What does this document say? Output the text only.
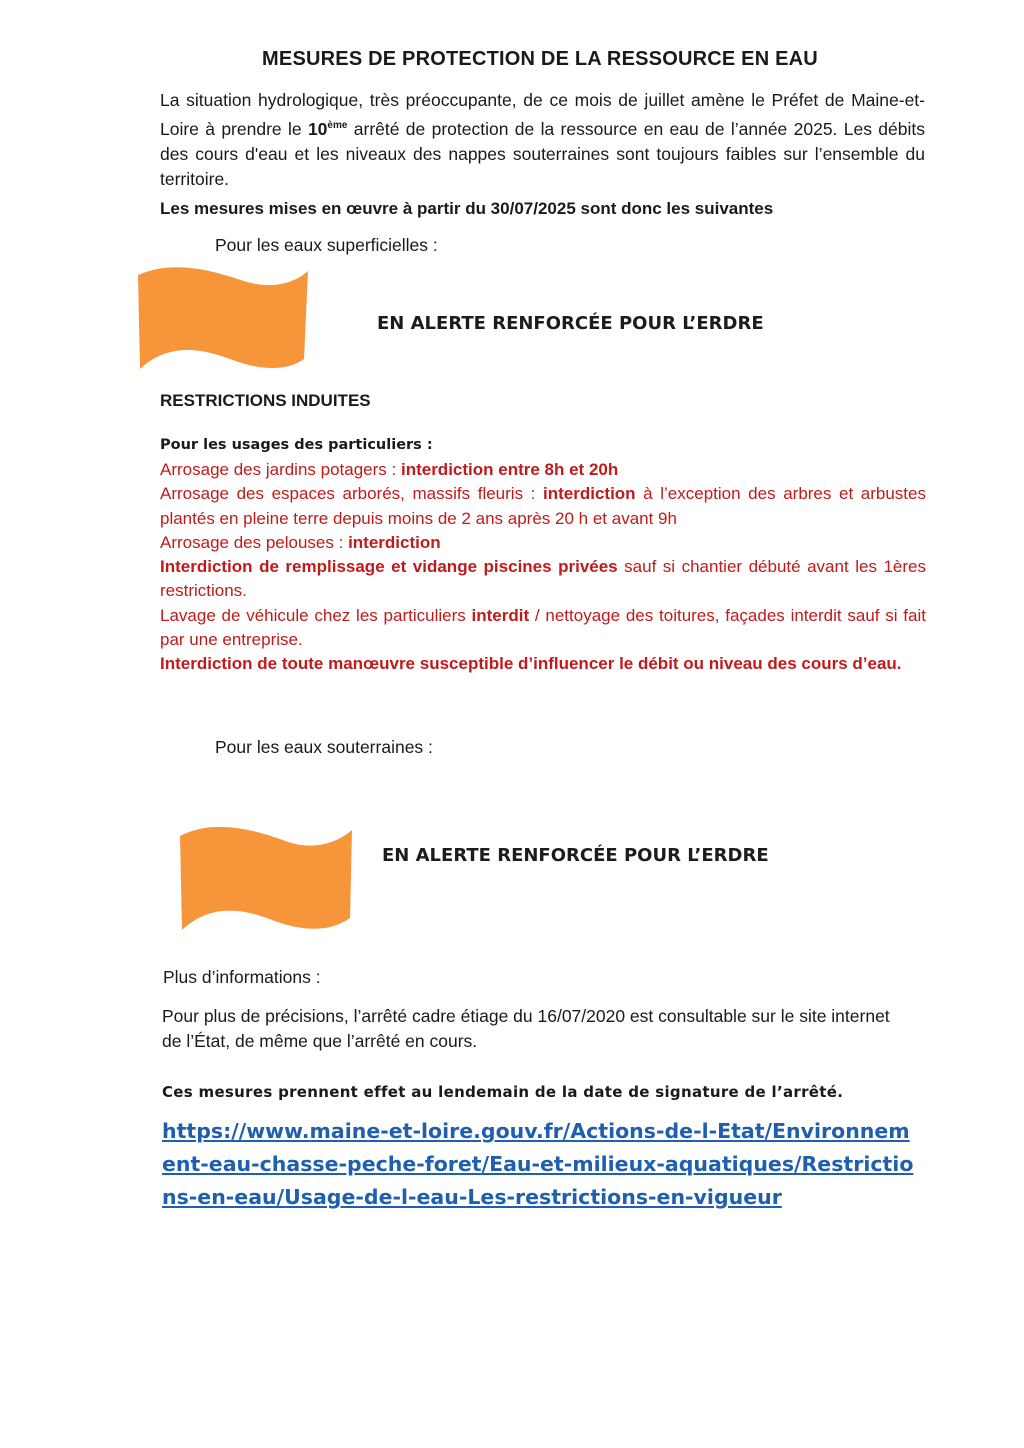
MESURES DE PROTECTION DE LA RESSOURCE EN EAU
La situation hydrologique, très préoccupante, de ce mois de juillet amène le Préfet de Maine-et-Loire à prendre le 10ème arrêté de protection de la ressource en eau de l’année 2025. Les débits des cours d'eau et les niveaux des nappes souterraines sont toujours faibles sur l’ensemble du territoire.
Les mesures mises en œuvre à partir du 30/07/2025 sont donc les suivantes
Pour les eaux superficielles :
EN ALERTE RENFORCÉE POUR L’ERDRE
RESTRICTIONS INDUITES
Pour les usages des particuliers :

Arrosage des jardins potagers : interdiction entre 8h et 20h

Arrosage des espaces arborés, massifs fleuris : interdiction à l’exception des arbres et arbustes plantés en pleine terre depuis moins de 2 ans après 20 h et avant 9h

Arrosage des pelouses : interdiction

Interdiction de remplissage et vidange piscines privées sauf si chantier débuté avant les 1ères restrictions.

Lavage de véhicule chez les particuliers interdit / nettoyage des toitures, façades interdit sauf si fait par une entreprise.

Interdiction de toute manœuvre susceptible d’influencer le débit ou niveau des cours d’eau.

Pour les eaux souterraines :
EN ALERTE RENFORCÉE POUR L’ERDRE
Plus d’informations :
Pour plus de précisions, l’arrêté cadre étiage du 16/07/2020 est consultable sur le site internet de l’État, de même que l’arrêté en cours.
Ces mesures prennent effet au lendemain de la date de signature de l’arrêté.
https://www.maine-et-loire.gouv.fr/Actions-de-l-Etat/Environnement-eau-chasse-peche-foret/Eau-et-milieux-aquatiques/Restrictions-en-eau/Usage-de-l-eau-Les-restrictions-en-vigueur
